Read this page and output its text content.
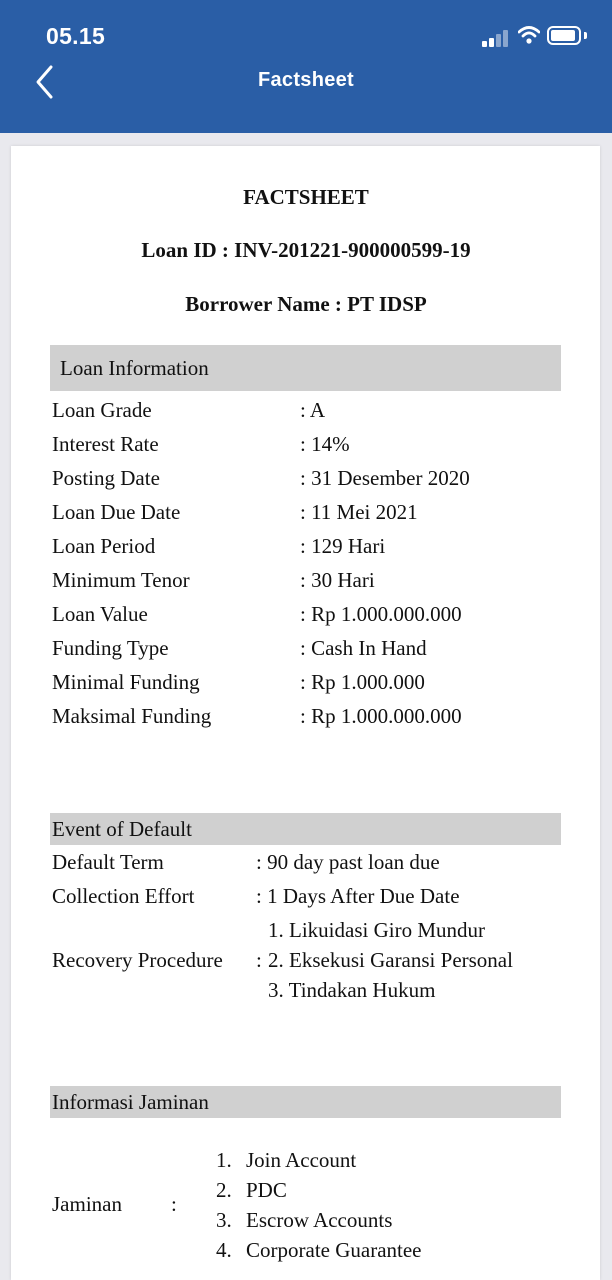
05.15
Factsheet
FACTSHEET
Loan ID : INV-201221-900000599-19
Borrower Name : PT IDSP
Loan Information
Loan Grade	: A
Interest Rate	: 14%
Posting Date	: 31 Desember 2020
Loan Due Date	: 11 Mei 2021
Loan Period	: 129 Hari
Minimum Tenor	: 30 Hari
Loan Value	: Rp 1.000.000.000
Funding Type	: Cash In Hand
Minimal Funding	: Rp 1.000.000
Maksimal Funding	: Rp 1.000.000.000
Event of Default
Default Term	: 90 day past loan due
Collection Effort	: 1 Days After Due Date
1. Likuidasi Giro Mundur
Recovery Procedure : 2. Eksekusi Garansi Personal
3. Tindakan Hukum
Informasi Jaminan
1. Join Account
2. PDC
Jaminan :
3. Escrow Accounts
4. Corporate Guarantee
